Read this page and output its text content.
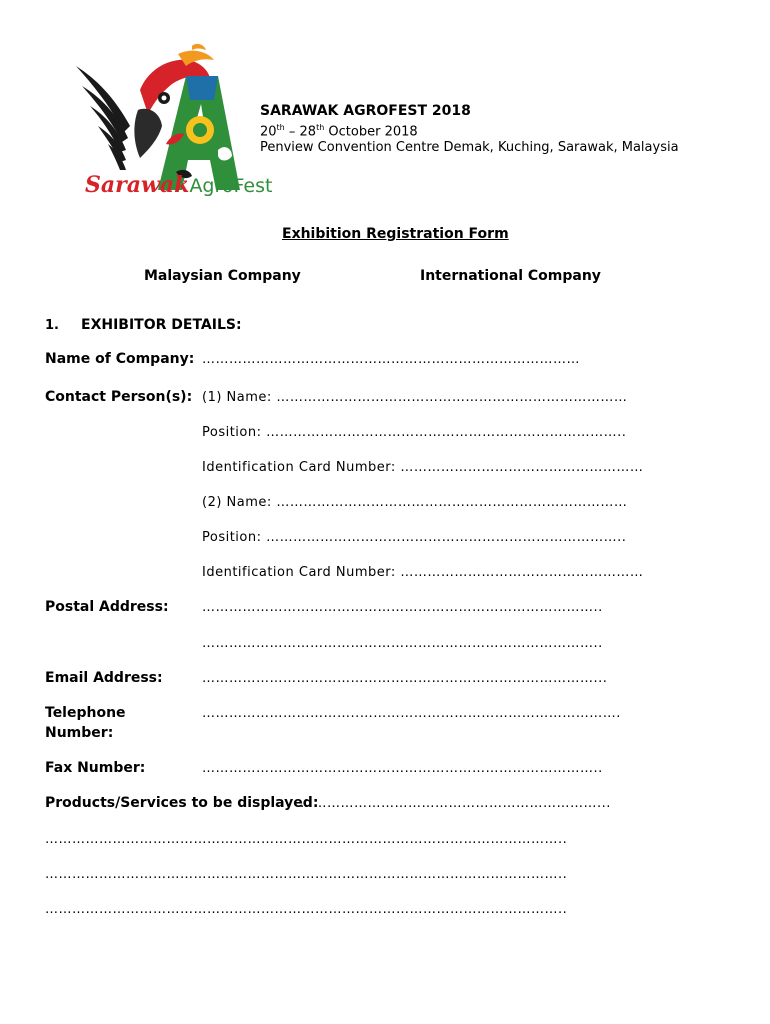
SarawakAgroFest
SARAWAK AGROFEST 2018
20th – 28th October 2018
Penview Convention Centre Demak, Kuching, Sarawak, Malaysia
Exhibition Registration Form
Malaysian Company	International Company
1. EXHIBITOR DETAILS:
Name of Company: …………………………………………………………………………
Contact Person(s): (1) Name: ……………………………………………………………………
Position: ……………………………………………………………………..
Identification Card Number: ………………………………………………
(2) Name: ……………………………………………………………………
Position: ……………………………………………………………………..
Identification Card Number: ………………………………………………
Postal Address:	……………………………………………………………………………..
……………………………………………………………………………..
Email Address:	……………………………………………………………………………...
Telephone
Number:
……………………………..………………………………………………….
Fax Number:	……………………………………………………………………………..
Products/Services to be displayed:
…………………………………………………………...
……………………………………………………………………………………………………..
……………………………………………………………………………………………………..
……………………………………………………………………………………………………..
